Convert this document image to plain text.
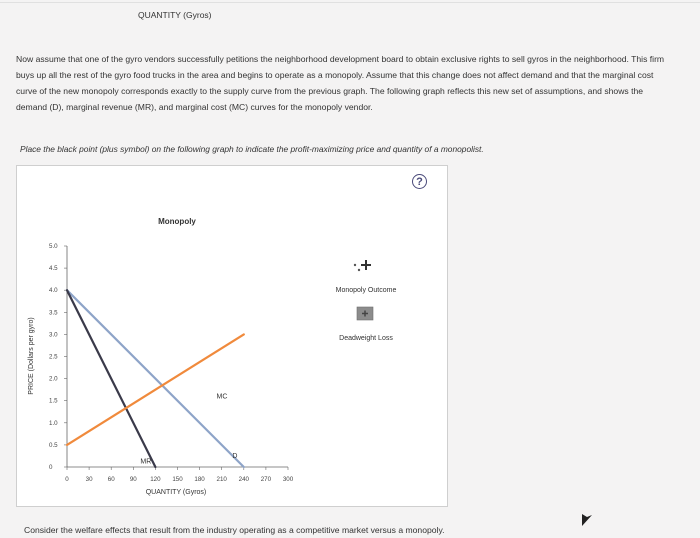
QUANTITY (Gyros)
Now assume that one of the gyro vendors successfully petitions the neighborhood development board to obtain exclusive rights to sell gyros in the neighborhood. This firm buys up all the rest of the gyro food trucks in the area and begins to operate as a monopoly. Assume that this change does not affect demand and that the marginal cost curve of the new monopoly corresponds exactly to the supply curve from the previous graph. The following graph reflects this new set of assumptions, and shows the demand (D), marginal revenue (MR), and marginal cost (MC) curves for the monopoly vendor.
Place the black point (plus symbol) on the following graph to indicate the profit-maximizing price and quantity of a monopolist.
?
Monopoly
0
0.5
1.0
1.5
2.0
2.5
3.0
3.5
4.0
4.5
5.0
0	30 60 90 120 150 180 210 240 270 300
PRICE (Dollars per gyro)
QUANTITY (Gyros)
D
MR
MC
Monopoly Outcome
Deadweight Loss
Consider the welfare effects that result from the industry operating as a competitive market versus a monopoly.
